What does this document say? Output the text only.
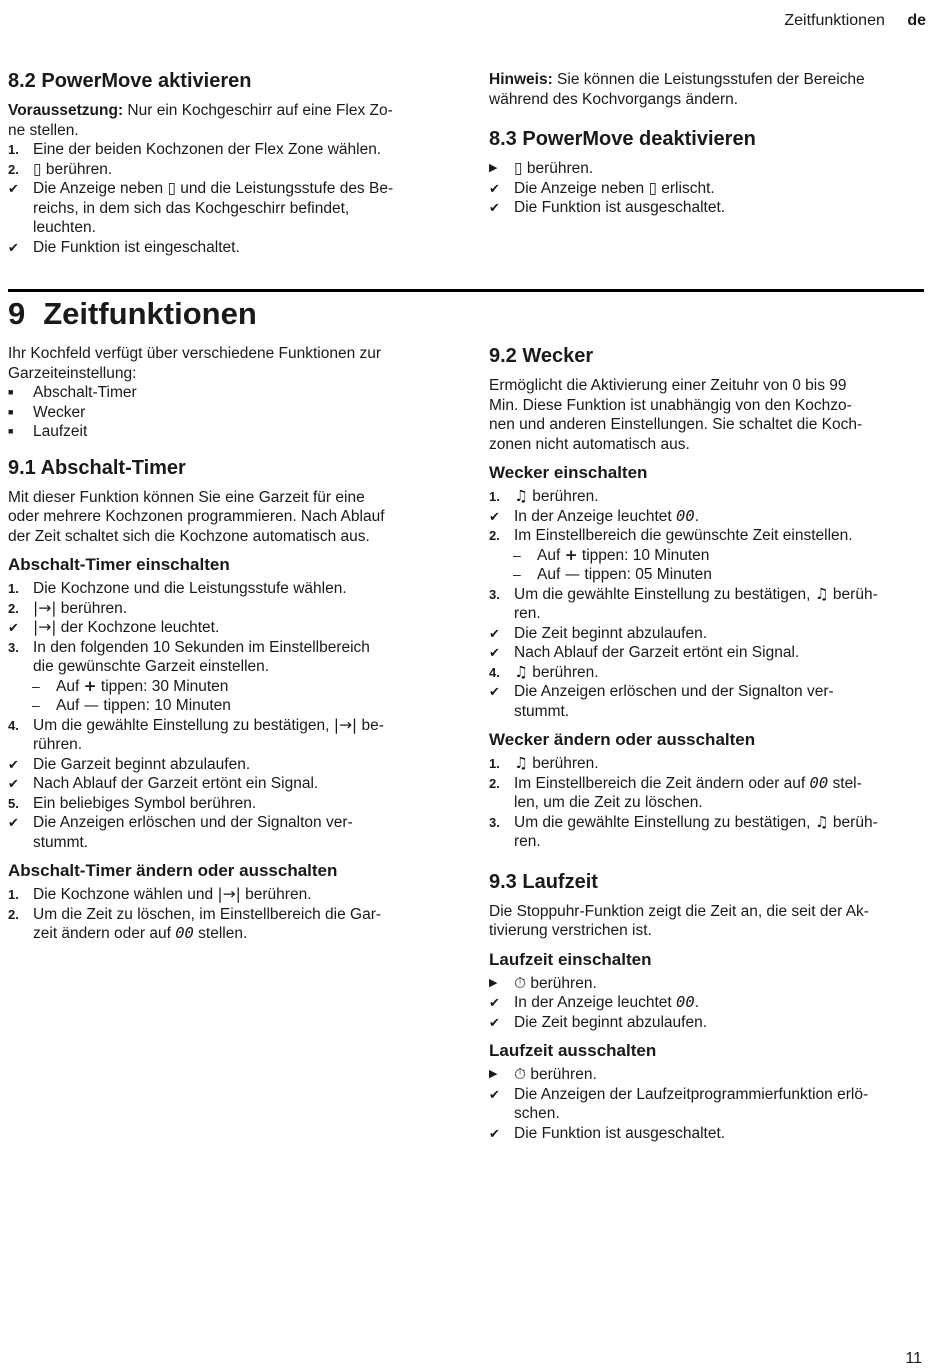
Zeitfunktionen de
8.2 PowerMove aktivieren

Voraussetzung: Nur ein Kochgeschirr auf eine Flex Zo-

ne stellen.

1. Eine der beiden Kochzonen der Flex Zone wählen.
2. ▯ berühren.
✔ Die Anzeige neben ▯ und die Leistungsstufe des Be-
reichs, in dem sich das Kochgeschirr befindet,
leuchten.
✔ Die Funktion ist eingeschaltet.

Hinweis: Sie können die Leistungsstufen der Bereiche

während des Kochvorgangs ändern.

8.3 PowerMove deaktivieren
▶	▯ berühren.
✔ Die Anzeige neben ▯ erlischt.
✔ Die Funktion ist ausgeschaltet.
9 Zeitfunktionen

Ihr Kochfeld verfügt über verschiedene Funktionen zur

Garzeiteinstellung:

■	Abschalt-Timer
■	Wecker
■	Laufzeit
9.1 Abschalt-Timer

Mit dieser Funktion können Sie eine Garzeit für eine

oder mehrere Kochzonen programmieren. Nach Ablauf

der Zeit schaltet sich die Kochzone automatisch aus.

Abschalt-Timer einschalten
1. Die Kochzone und die Leistungsstufe wählen.
2. |→| berühren.
✔ |→| der Kochzone leuchtet.
3. In den folgenden 10 Sekunden im Einstellbereich
die gewünschte Garzeit einstellen.
–	Auf + tippen: 30 Minuten
–	Auf — tippen: 10 Minuten
4. Um die gewählte Einstellung zu bestätigen, |→| be-
rühren.
✔ Die Garzeit beginnt abzulaufen.
✔ Nach Ablauf der Garzeit ertönt ein Signal.
5. Ein beliebiges Symbol berühren.
✔ Die Anzeigen erlöschen und der Signalton ver-
stummt.
Abschalt-Timer ändern oder ausschalten
1. Die Kochzone wählen und |→| berühren.
2. Um die Zeit zu löschen, im Einstellbereich die Gar-
zeit ändern oder auf 00 stellen.
9.2 Wecker

Ermöglicht die Aktivierung einer Zeituhr von 0 bis 99

Min. Diese Funktion ist unabhängig von den Kochzo-

nen und anderen Einstellungen. Sie schaltet die Koch-

zonen nicht automatisch aus.

Wecker einschalten
1. ♫ berühren.
✔ In der Anzeige leuchtet 00.
2. Im Einstellbereich die gewünschte Zeit einstellen.
–	Auf + tippen: 10 Minuten
–	Auf — tippen: 05 Minuten
3. Um die gewählte Einstellung zu bestätigen, ♫ berüh-
ren.
✔ Die Zeit beginnt abzulaufen.
✔ Nach Ablauf der Garzeit ertönt ein Signal.
4. ♫ berühren.
✔ Die Anzeigen erlöschen und der Signalton ver-
stummt.
Wecker ändern oder ausschalten
1. ♫ berühren.
2. Im Einstellbereich die Zeit ändern oder auf 00 stel-
len, um die Zeit zu löschen.
3. Um die gewählte Einstellung zu bestätigen, ♫ berüh-
ren.
9.3 Laufzeit

Die Stoppuhr-Funktion zeigt die Zeit an, die seit der Ak-

tivierung verstrichen ist.

Laufzeit einschalten
▶	⏱ berühren.
✔ In der Anzeige leuchtet 00.
✔ Die Zeit beginnt abzulaufen.
Laufzeit ausschalten
▶	⏱ berühren.
✔ Die Anzeigen der Laufzeitprogrammierfunktion erlö-
schen.
✔ Die Funktion ist ausgeschaltet.
11
